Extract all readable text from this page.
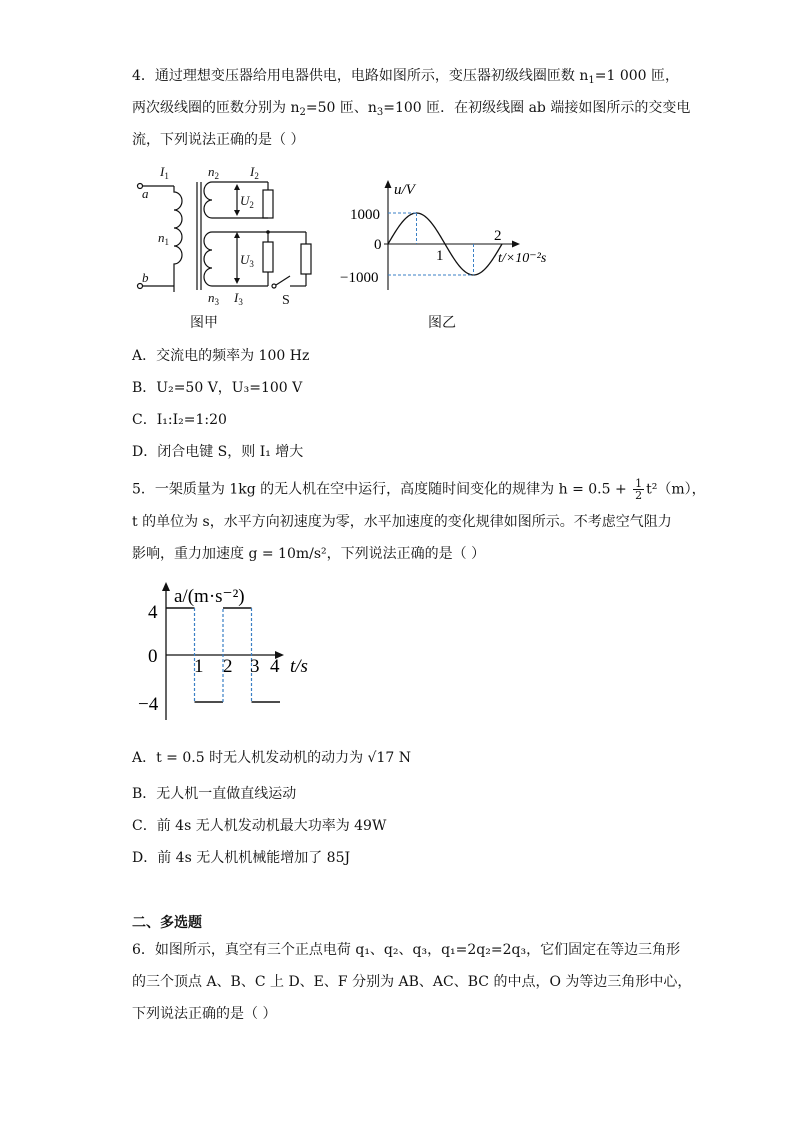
4．通过理想变压器给用电器供电，电路如图所示，变压器初级线圈匝数 $n_1=1$ 000 匝，
两次级线圈的匝数分别为 $n_2=50$ 匝、$n_3=100$ 匝．在初级线圈 ab 端接如图所示的交变电
流，下列说法正确的是（ ）
a
b
$I_1$
$n_1$
$n_2$ $I_2$
$U_2$
$U_3$
$n_3$ $I_3$	S
图甲
u/V
t/×10⁻²s
1000
0
−1000
1
2
图乙
A．交流电的频率为 100 Hz
B．U₂=50 V，U₃=100 V
C．I₁:I₂=1:20
D．闭合电键 S，则 I₁ 增大
5．一架质量为 1kg 的无人机在空中运行，高度随时间变化的规律为 $h = 0.5 + \frac{1}{2} t^2(m)$，
t 的单位为 s，水平方向初速度为零，水平加速度的变化规律如图所示。不考虑空气阻力
影响，重力加速度 g = 10m/s²，下列说法正确的是（ ）
a/(m·s⁻²)
t/s
4
0
−4
1 2 3 4
A．t = 0.5 时无人机发动机的动力为 √17 N
B．无人机一直做直线运动
C．前 4s 无人机发动机最大功率为 49W
D．前 4s 无人机机械能增加了 85J
二、多选题
6．如图所示，真空有三个正点电荷 q₁、q₂、q₃，q₁=2q₂=2q₃，它们固定在等边三角形
的三个顶点 A、B、C 上 D、E、F 分别为 AB、AC、BC 的中点，O 为等边三角形中心，
下列说法正确的是（ ）
